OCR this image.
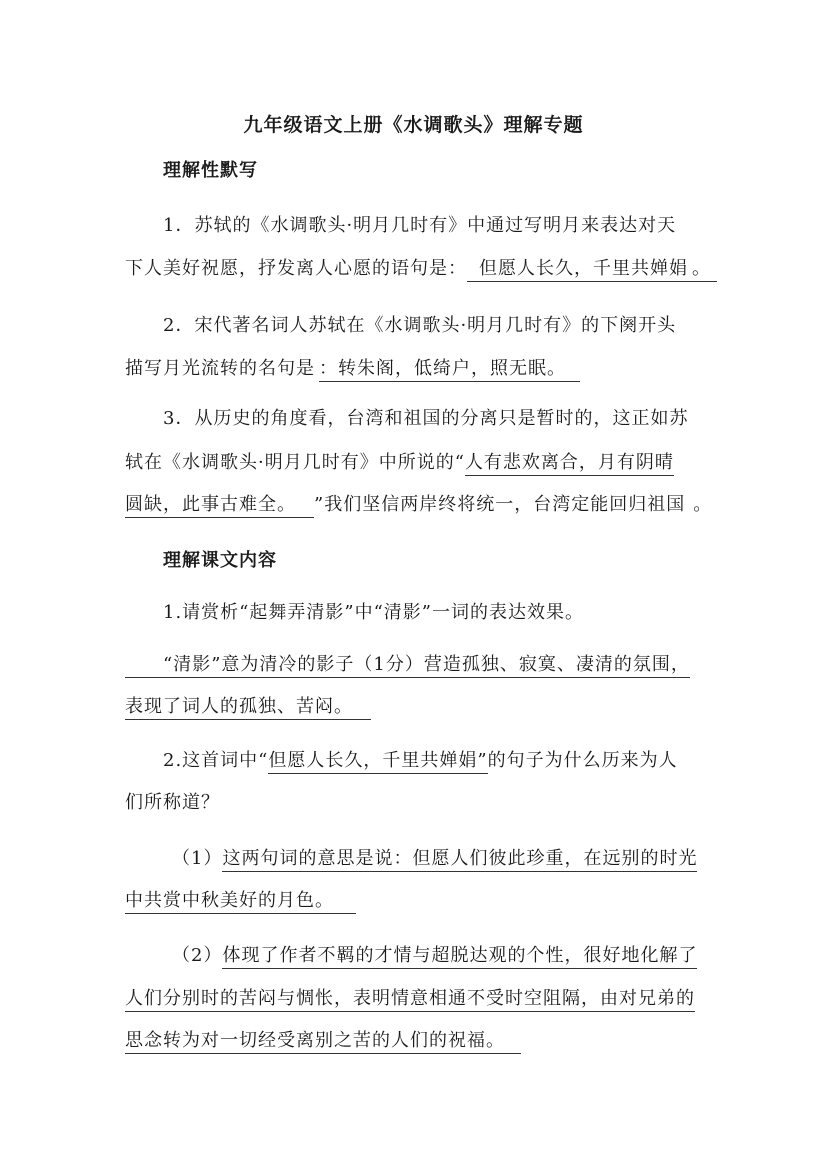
九年级语文上册《水调歌头》理解专题
理解性默写
1．苏轼的《水调歌头·明月几时有》中通过写明月来表达对天
下人美好祝愿，抒发离人心愿的语句是： 但愿人长久，千里共婵娟 。
2．宋代著名词人苏轼在《水调歌头·明月几时有》的下阕开头
描写月光流转的名句是 ：转朱阁，低绮户，照无眠。
3．从历史的角度看，台湾和祖国的分离只是暂时的，这正如苏
轼在《水调歌头·明月几时有》中所说的“人有悲欢离合，月有阴晴
圆缺，此事古难全。 ”我们坚信两岸终将统一，台湾定能回归祖国 。
理解课文内容
1.请赏析“起舞弄清影”中“清影”一词的表达效果。
“清影”意为清冷的影子（1分）营造孤独、寂寞、凄清的氛围，
表现了词人的孤独、苦闷。
2.这首词中“但愿人长久，千里共婵娟”的句子为什么历来为人
们所称道？
（1）这两句词的意思是说：但愿人们彼此珍重，在远别的时光
中共赏中秋美好的月色。
（2）体现了作者不羁的才情与超脱达观的个性，很好地化解了
人们分别时的苦闷与惆怅，表明情意相通不受时空阻隔，由对兄弟的
思念转为对一切经受离别之苦的人们的祝福。
